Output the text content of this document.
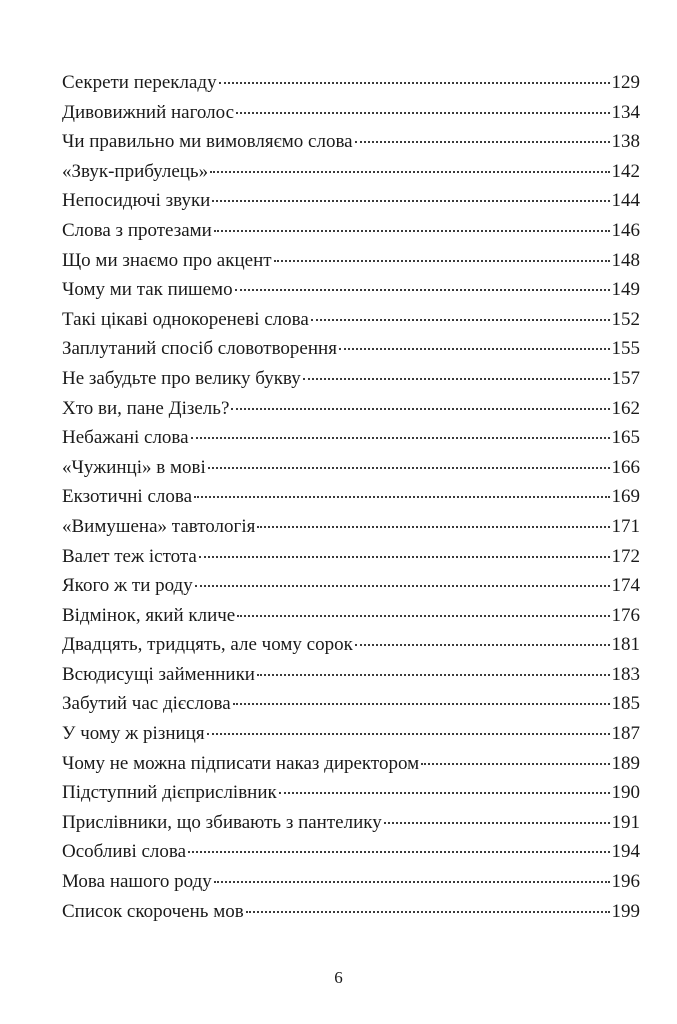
Секрети перекладу	129
Дивовижний наголос	134
Чи правильно ми вимовляємо слова	138
«Звук-прибулець»	142
Непосидючі звуки	144
Слова з протезами	146
Що ми знаємо про акцент	148
Чому ми так пишемо	149
Такі цікаві однокореневі слова	152
Заплутаний спосіб словотворення	155
Не забудьте про велику букву	157
Хто ви, пане Дізель?	162
Небажані слова	165
«Чужинці» в мові	166
Екзотичні слова	169
«Вимушена» тавтологія	171
Валет теж істота	172
Якого ж ти роду	174
Відмінок, який кличе	176
Двадцять, тридцять, але чому сорок	181
Всюдисущі займенники	183
Забутий час дієслова	185
У чому ж різниця	187
Чому не можна підписати наказ директором	189
Підступний дієприслівник	190
Прислівники, що збивають з пантелику	191
Особливі слова	194
Мова нашого роду	196
Список скорочень мов	199
6
